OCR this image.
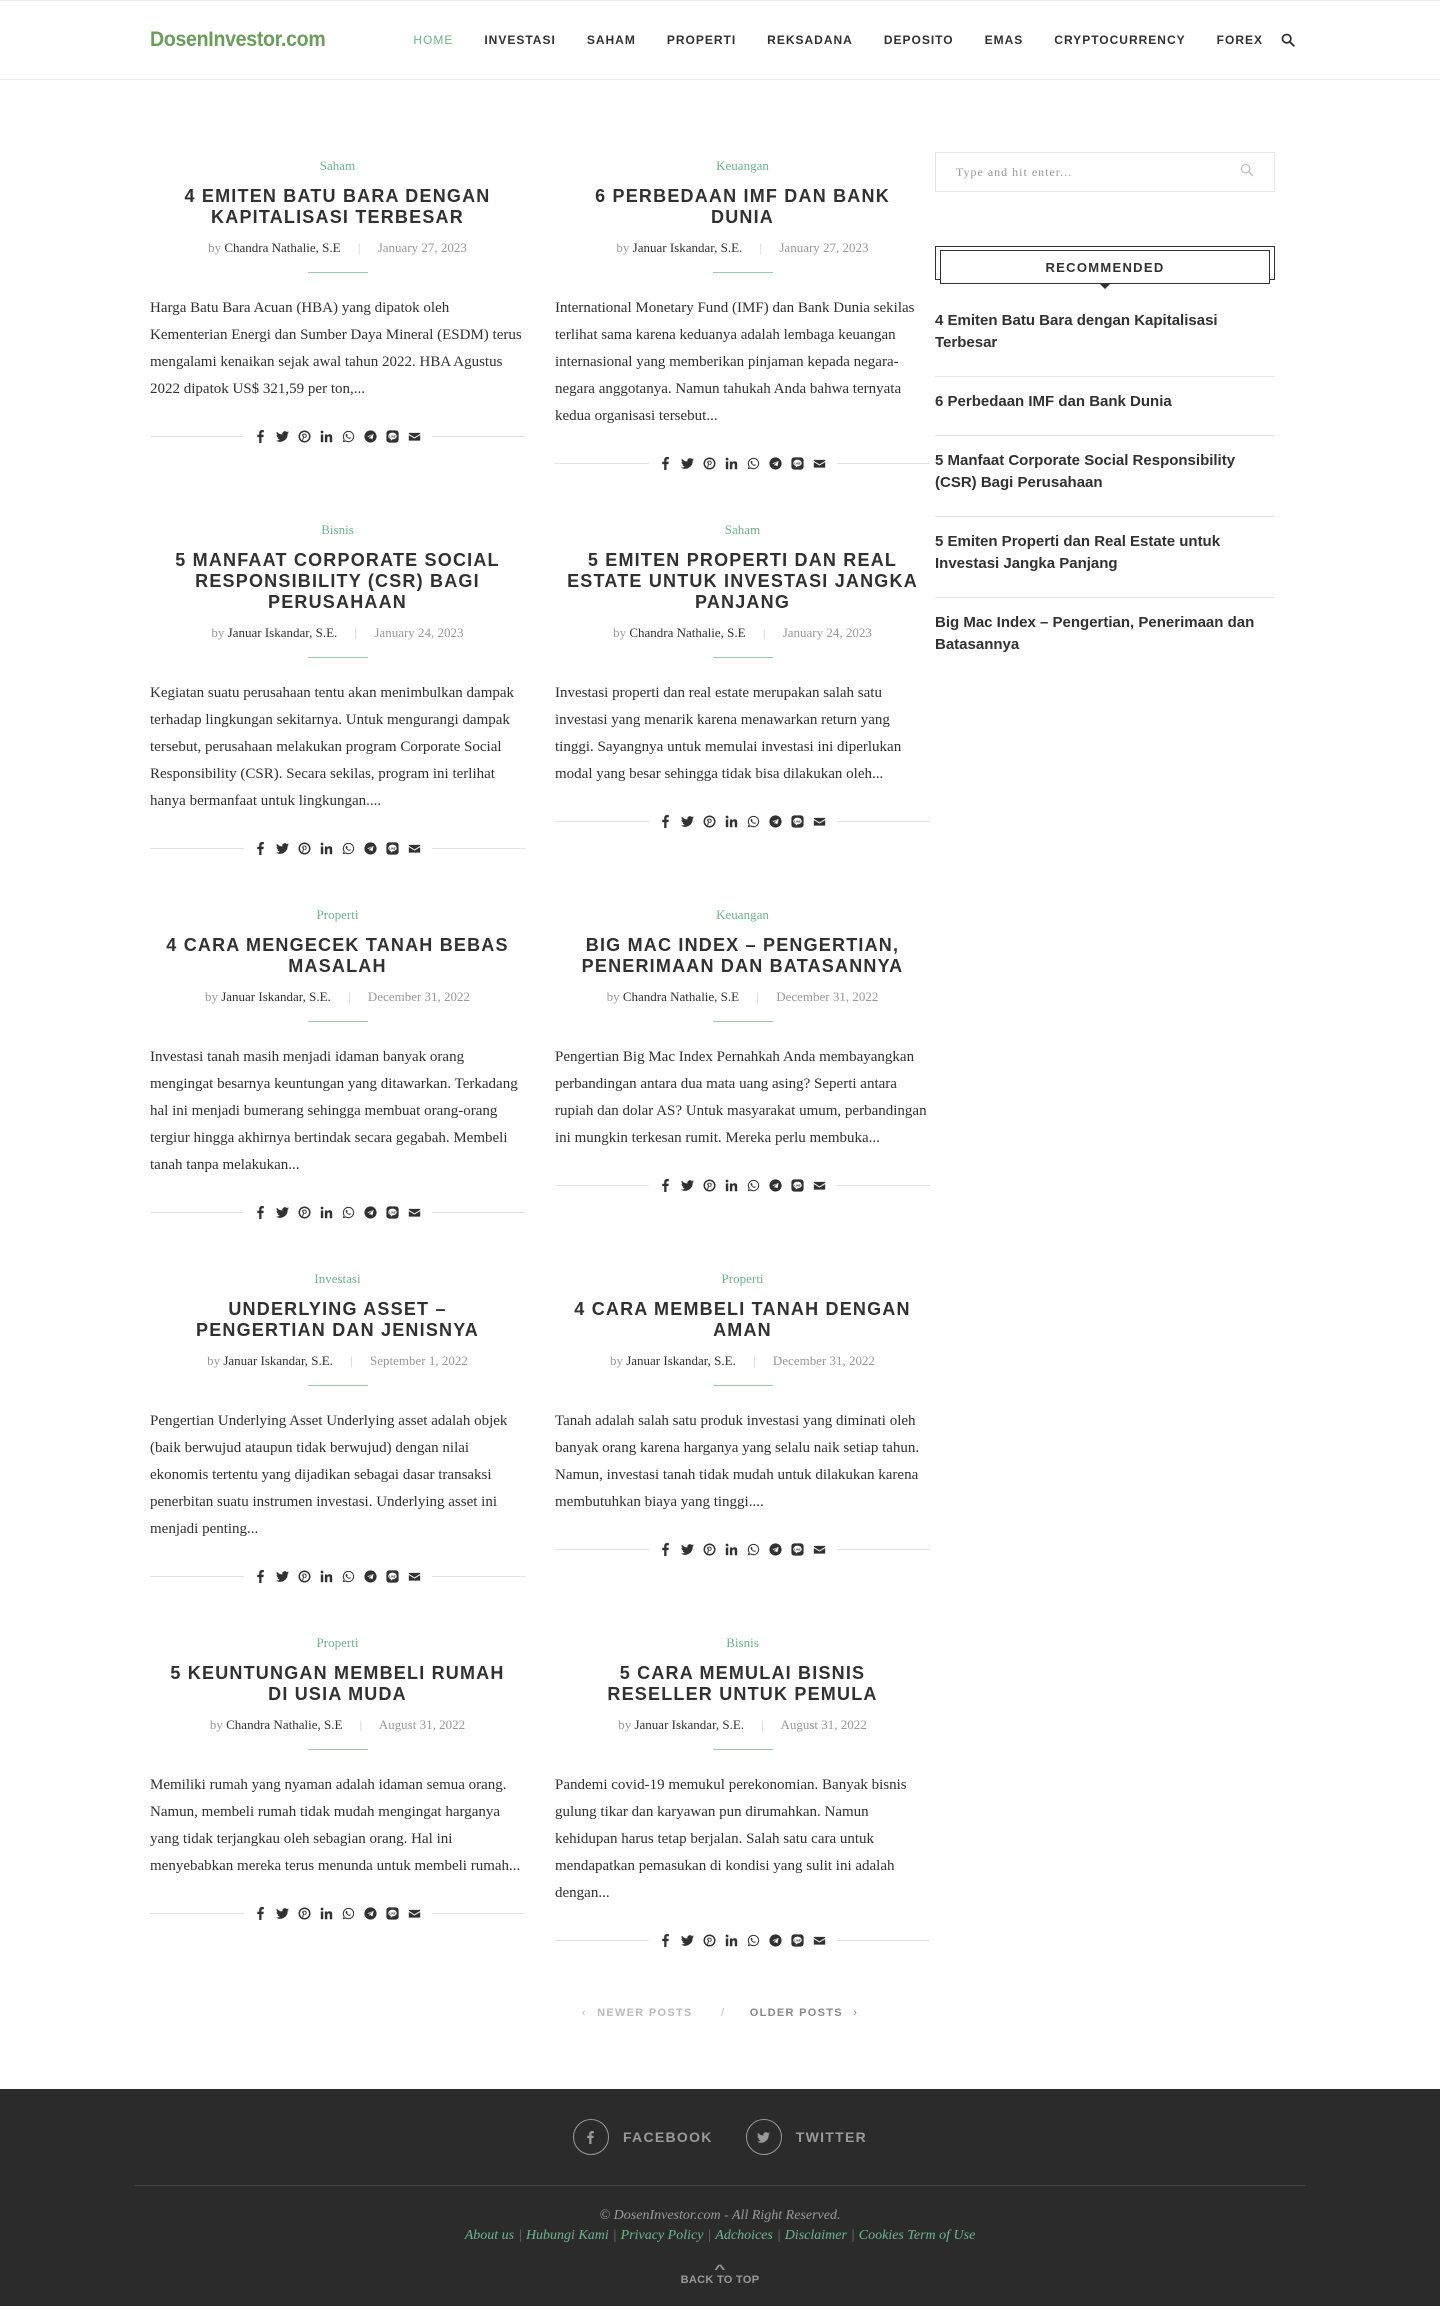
DosenInvestor.com	HOME	INVESTASI	SAHAM	PROPERTI	REKSADANA	DEPOSITO	EMAS	CRYPTOCURRENCY	FOREX
Saham
4 EMITEN BATU BARA DENGAN KAPITALISASI TERBESAR
by Chandra Nathalie, S.E | January 27, 2023

Harga Batu Bara Acuan (HBA) yang dipatok oleh Kementerian Energi dan Sumber Daya Mineral (ESDM) terus mengalami kenaikan sejak awal tahun 2022. HBA Agustus 2022 dipatok US$ 321,59 per ton,...

LINE
Keuangan
6 PERBEDAAN IMF DAN BANK DUNIA
by Januar Iskandar, S.E. | January 27, 2023

International Monetary Fund (IMF) dan Bank Dunia sekilas terlihat sama karena keduanya adalah lembaga keuangan internasional yang memberikan pinjaman kepada negara-negara anggotanya. Namun tahukah Anda bahwa ternyata kedua organisasi tersebut...

LINE
Bisnis
5 MANFAAT CORPORATE SOCIAL RESPONSIBILITY (CSR) BAGI PERUSAHAAN
by Januar Iskandar, S.E. | January 24, 2023

Kegiatan suatu perusahaan tentu akan menimbulkan dampak terhadap lingkungan sekitarnya. Untuk mengurangi dampak tersebut, perusahaan melakukan program Corporate Social Responsibility (CSR). Secara sekilas, program ini terlihat hanya bermanfaat untuk lingkungan....

LINE
Saham
5 EMITEN PROPERTI DAN REAL ESTATE UNTUK INVESTASI JANGKA PANJANG
by Chandra Nathalie, S.E | January 24, 2023

Investasi properti dan real estate merupakan salah satu investasi yang menarik karena menawarkan return yang tinggi. Sayangnya untuk memulai investasi ini diperlukan modal yang besar sehingga tidak bisa dilakukan oleh...

LINE
Properti
4 CARA MENGECEK TANAH BEBAS MASALAH
by Januar Iskandar, S.E. | December 31, 2022

Investasi tanah masih menjadi idaman banyak orang mengingat besarnya keuntungan yang ditawarkan. Terkadang hal ini menjadi bumerang sehingga membuat orang-orang tergiur hingga akhirnya bertindak secara gegabah. Membeli tanah tanpa melakukan...

LINE
Keuangan
BIG MAC INDEX – PENGERTIAN, PENERIMAAN DAN BATASANNYA
by Chandra Nathalie, S.E | December 31, 2022

Pengertian Big Mac Index Pernahkah Anda membayangkan perbandingan antara dua mata uang asing? Seperti antara rupiah dan dolar AS? Untuk masyarakat umum, perbandingan ini mungkin terkesan rumit. Mereka perlu membuka...

LINE
Investasi
UNDERLYING ASSET – PENGERTIAN DAN JENISNYA
by Januar Iskandar, S.E. | September 1, 2022

Pengertian Underlying Asset Underlying asset adalah objek (baik berwujud ataupun tidak berwujud) dengan nilai ekonomis tertentu yang dijadikan sebagai dasar transaksi penerbitan suatu instrumen investasi. Underlying asset ini menjadi penting...

LINE
Properti
4 CARA MEMBELI TANAH DENGAN AMAN
by Januar Iskandar, S.E. | December 31, 2022

Tanah adalah salah satu produk investasi yang diminati oleh banyak orang karena harganya yang selalu naik setiap tahun. Namun, investasi tanah tidak mudah untuk dilakukan karena membutuhkan biaya yang tinggi....

LINE
Properti
5 KEUNTUNGAN MEMBELI RUMAH DI USIA MUDA
by Chandra Nathalie, S.E | August 31, 2022

Memiliki rumah yang nyaman adalah idaman semua orang. Namun, membeli rumah tidak mudah mengingat harganya yang tidak terjangkau oleh sebagian orang. Hal ini menyebabkan mereka terus menunda untuk membeli rumah...

LINE
Bisnis
5 CARA MEMULAI BISNIS RESELLER UNTUK PEMULA
by Januar Iskandar, S.E. | August 31, 2022

Pandemi covid-19 memukul perekonomian. Banyak bisnis gulung tikar dan karyawan pun dirumahkan. Namun kehidupan harus tetap berjalan. Salah satu cara untuk mendapatkan pemasukan di kondisi yang sulit ini adalah dengan...

LINE
Type and hit enter...
RECOMMENDED
4 Emiten Batu Bara dengan Kapitalisasi Terbesar
6 Perbedaan IMF dan Bank Dunia
5 Manfaat Corporate Social Responsibility (CSR) Bagi Perusahaan
5 Emiten Properti dan Real Estate untuk Investasi Jangka Panjang
Big Mac Index – Pengertian, Penerimaan dan Batasannya
‹ NEWER POSTS	/ OLDER POSTS ›
FACEBOOK	TWITTER
© DosenInvestor.com - All Right Reserved.
About us | Hubungi Kami | Privacy Policy | Adchoices | Disclaimer | Cookies Term of Use
^
BACK TO TOP
